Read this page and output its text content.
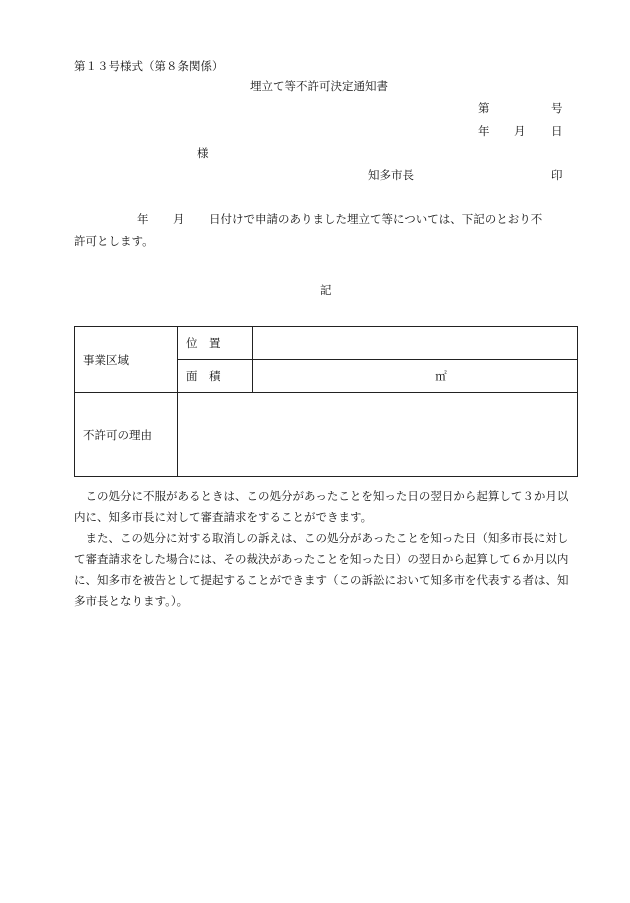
第１３号様式（第８条関係）
埋立て等不許可決定通知書
第	号
年 月 日
様
知多市長	印
年 月 日付けで申請のありました埋立て等については、下記のとおり不
許可とします。
記
事業区域	位　置	
	面　積	㎡
不許可の理由		
　この処分に不服があるときは、この処分があったことを知った日の翌日から起算して３か月以内に、知多市長に対して審査請求をすることができます。
　また、この処分に対する取消しの訴えは、この処分があったことを知った日（知多市長に対して審査請求をした場合には、その裁決があったことを知った日）の翌日から起算して６か月以内に、知多市を被告として提起することができます（この訴訟において知多市を代表する者は、知多市長となります。）。
